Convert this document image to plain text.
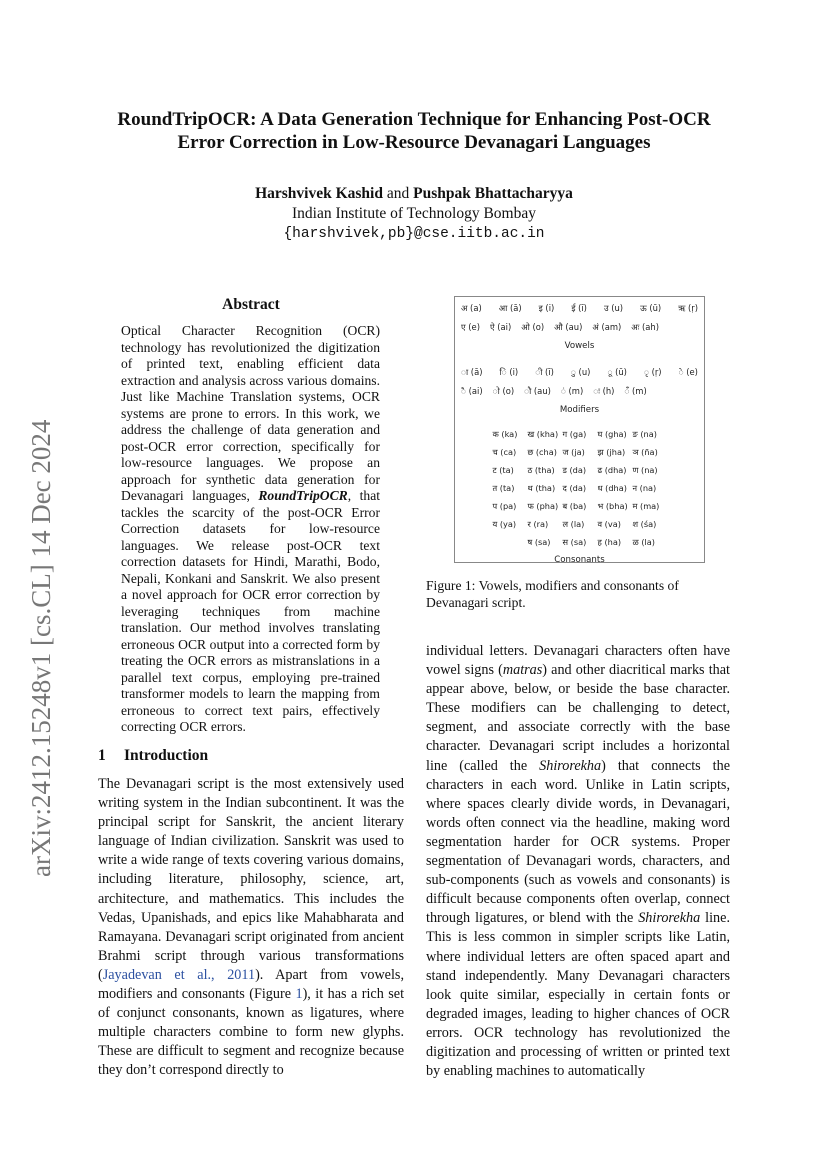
arXiv:2412.15248v1 [cs.CL] 14 Dec 2024
RoundTripOCR: A Data Generation Technique for Enhancing Post-OCR
Error Correction in Low-Resource Devanagari Languages
Harshvivek Kashid and Pushpak Bhattacharyya
Indian Institute of Technology Bombay
{harshvivek,pb}@cse.iitb.ac.in
Abstract
Optical Character Recognition (OCR) technology has revolutionized the digitization of printed text, enabling efficient data extraction and analysis across various domains. Just like Machine Translation systems, OCR systems are prone to errors. In this work, we address the challenge of data generation and post-OCR error correction, specifically for low-resource languages. We propose an approach for synthetic data generation for Devanagari languages, RoundTripOCR, that tackles the scarcity of the post-OCR Error Correction datasets for low-resource languages. We release post-OCR text correction datasets for Hindi, Marathi, Bodo, Nepali, Konkani and Sanskrit. We also present a novel approach for OCR error correction by leveraging techniques from machine translation. Our method involves translating erroneous OCR output into a corrected form by treating the OCR errors as mistranslations in a parallel text corpus, employing pre-trained transformer models to learn the mapping from erroneous to correct text pairs, effectively correcting OCR errors.
1 Introduction
The Devanagari script is the most extensively used writing system in the Indian subcontinent. It was the principal script for Sanskrit, the ancient literary language of Indian civilization. Sanskrit was used to write a wide range of texts covering various domains, including literature, philosophy, science, art, architecture, and mathematics. This includes the Vedas, Upanishads, and epics like Mahabharata and Ramayana. Devanagari script originated from ancient Brahmi script through various transformations (Jayadevan et al., 2011). Apart from vowels, modifiers and consonants (Figure 1), it has a rich set of conjunct consonants, known as ligatures, where multiple characters combine to form new glyphs. These are difficult to segment and recognize because they don’t correspond directly to
अ (a) आ (ā) इ (i) ई (ī) उ (u) ऊ (ū) ऋ (ṛ)
ए (e) ऐ (ai) ओ (o) औ (au) अं (am) अः (ah)
Vowels
ा (ā) ि (i) ी (ī) ु (u) ू (ū) ृ (ṛ) े (e)
ै (ai) ो (o) ौ (au) ं (m) ः (h) ँ (m)
Modifiers
क (ka)	ख (kha) ग (ga)	घ (gha) ङ (na)
च (ca)	छ (cha) ज (ja)	झ (jha) ञ (ña)
ट (ta)	ठ (tha) ड (da)	ढ (dha) ण (na)
त (ta)	थ (tha) द (da)	ध (dha) न (na)
प (pa)	फ (pha) ब (ba)	भ (bha) म (ma)
य (ya)	र (ra)	ल (la)	व (va)	श (śa)
ष (sa)	स (sa)	ह (ha)	ळ (la)
Consonants
Figure 1: Vowels, modifiers and consonants of Devanagari script.
individual letters. Devanagari characters often have vowel signs (matras) and other diacritical marks that appear above, below, or beside the base character. These modifiers can be challenging to detect, segment, and associate correctly with the base character. Devanagari script includes a horizontal line (called the Shirorekha) that connects the characters in each word. Unlike in Latin scripts, where spaces clearly divide words, in Devanagari, words often connect via the headline, making word segmentation harder for OCR systems. Proper segmentation of Devanagari words, characters, and sub-components (such as vowels and consonants) is difficult because components often overlap, connect through ligatures, or blend with the Shirorekha line. This is less common in simpler scripts like Latin, where individual letters are often spaced apart and stand independently. Many Devanagari characters look quite similar, especially in certain fonts or degraded images, leading to higher chances of OCR errors. OCR technology has revolutionized the digitization and processing of written or printed text by enabling machines to automatically
